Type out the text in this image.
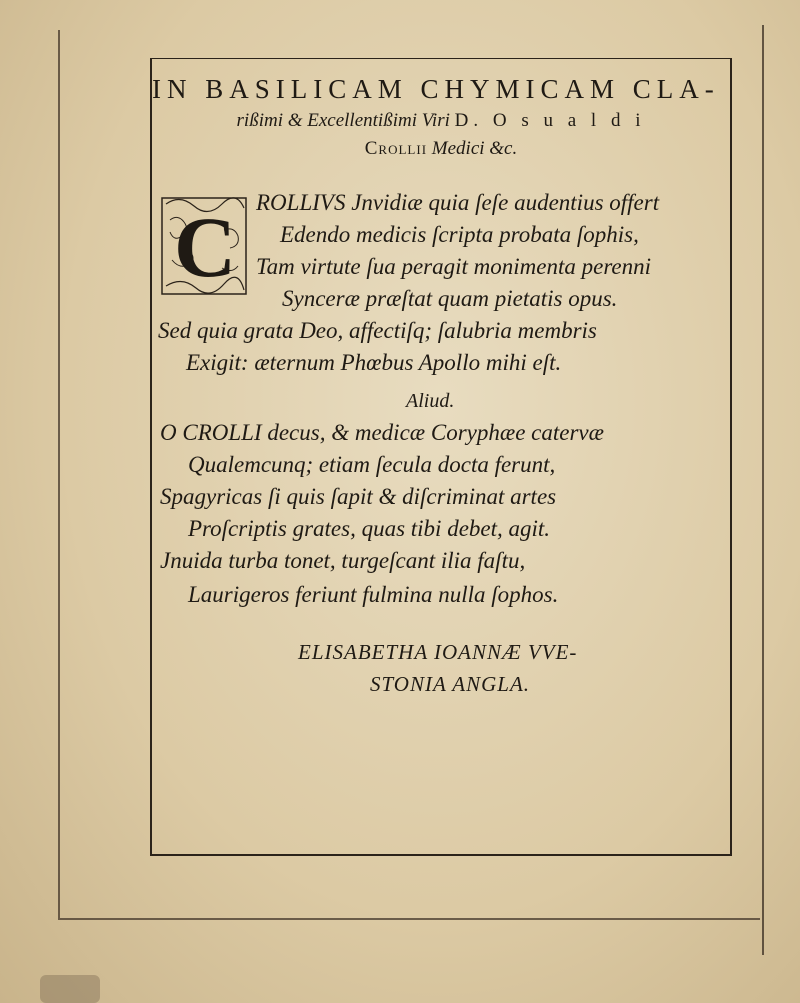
IN BASILICAM CHYMICAM CLA-
rißimi & Excellentißimi Viri D. O s u a l d i
Crollii Medici &c.
C ROLLIVS Jnvidiæ quia ſeſe audentius offert
Edendo medicis ſcripta probata ſophis,
Tam virtute ſua peragit monimenta perenni
Synceræ præſtat quam pietatis opus.
Sed quia grata Deo, affectiſq; ſalubria membris
Exigit: æternum Phœbus Apollo mihi eſt.
Aliud.
O CROLLI decus, & medicæ Coryphæe catervæ
Qualemcunq; etiam ſecula docta ferunt,
Spagyricas ſi quis ſapit & diſcriminat artes
Proſcriptis grates, quas tibi debet, agit.
Jnuida turba tonet, turgeſcant ilia faſtu,
Laurigeros feriunt fulmina nulla ſophos.
ELISABETHA IOANNÆ VVE-
STONIA ANGLA.
